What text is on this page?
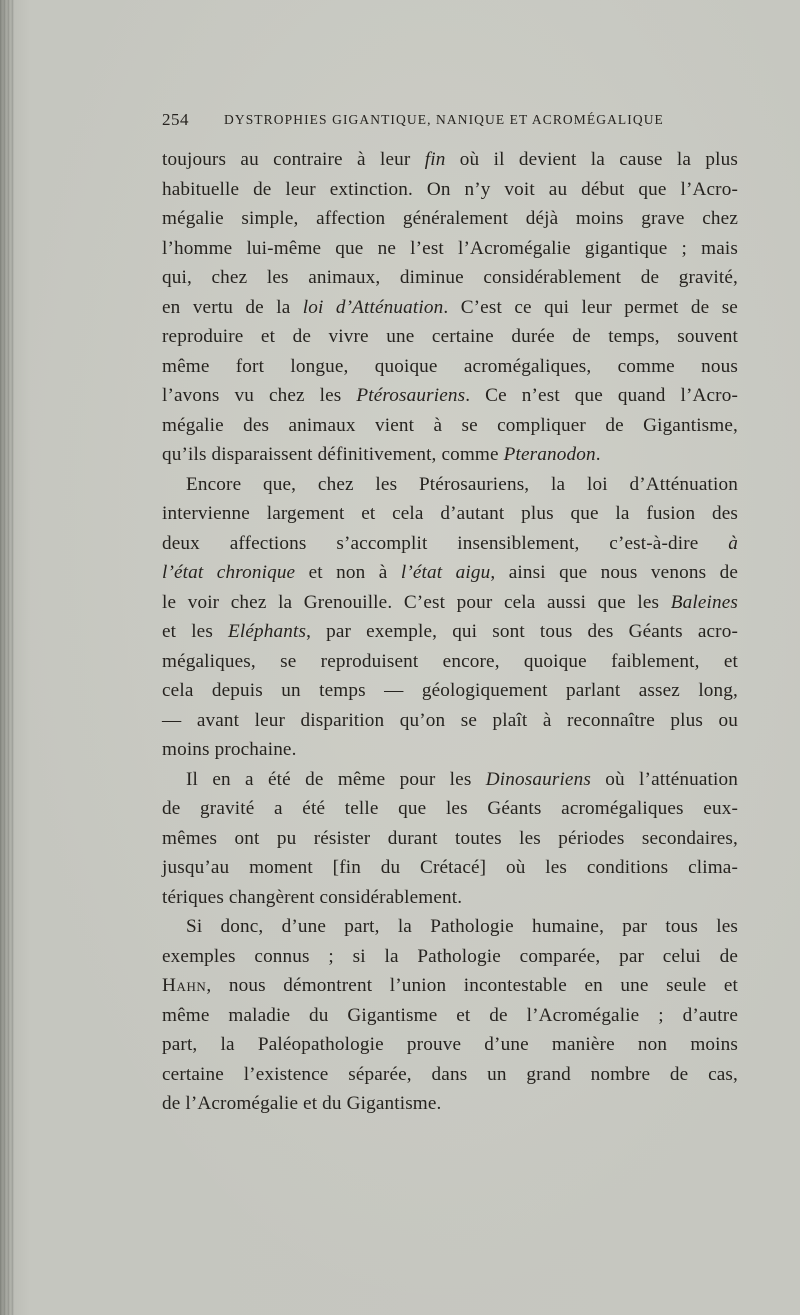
254	DYSTROPHIES GIGANTIQUE, NANIQUE ET ACROMÉGALIQUE
toujours au contraire à leur fin où il devient la cause la plus
habituelle de leur extinction. On n’y voit au début que l’Acro-
mégalie simple, affection généralement déjà moins grave chez
l’homme lui-même que ne l’est l’Acromégalie gigantique ; mais
qui, chez les animaux, diminue considérablement de gravité,
en vertu de la loi d’Atténuation. C’est ce qui leur permet de se
reproduire et de vivre une certaine durée de temps, souvent
même fort longue, quoique acromégaliques, comme nous
l’avons vu chez les Ptérosauriens. Ce n’est que quand l’Acro-
mégalie des animaux vient à se compliquer de Gigantisme,
qu’ils disparaissent définitivement, comme Pteranodon.
Encore que, chez les Ptérosauriens, la loi d’Atténuation
intervienne largement et cela d’autant plus que la fusion des
deux affections s’accomplit insensiblement, c’est-à-dire à
l’état chronique et non à l’état aigu, ainsi que nous venons de
le voir chez la Grenouille. C’est pour cela aussi que les Baleines
et les Eléphants, par exemple, qui sont tous des Géants acro-
mégaliques, se reproduisent encore, quoique faiblement, et
cela depuis un temps — géologiquement parlant assez long,
— avant leur disparition qu’on se plaît à reconnaître plus ou
moins prochaine.
Il en a été de même pour les Dinosauriens où l’atténuation
de gravité a été telle que les Géants acromégaliques eux-
mêmes ont pu résister durant toutes les périodes secondaires,
jusqu’au moment [fin du Crétacé] où les conditions clima-
tériques changèrent considérablement.
Si donc, d’une part, la Pathologie humaine, par tous les
exemples connus ; si la Pathologie comparée, par celui de
Hahn, nous démontrent l’union incontestable en une seule et
même maladie du Gigantisme et de l’Acromégalie ; d’autre
part, la Paléopathologie prouve d’une manière non moins
certaine l’existence séparée, dans un grand nombre de cas,
de l’Acromégalie et du Gigantisme.
